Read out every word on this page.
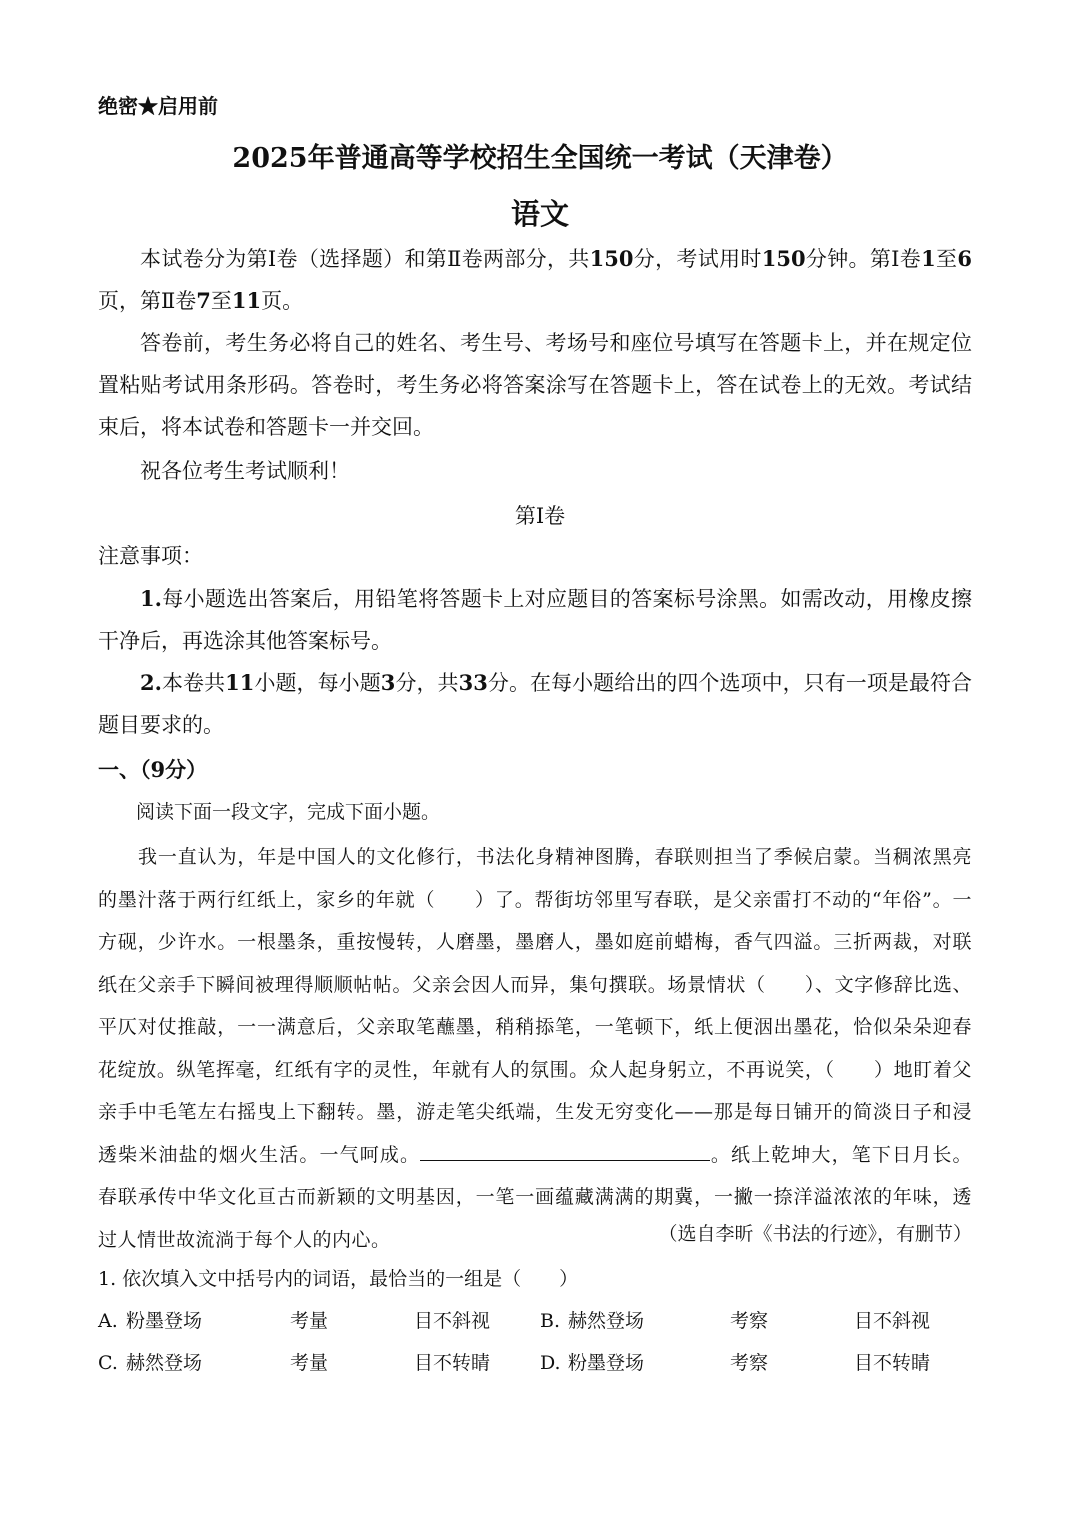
绝密★启用前
2025年普通高等学校招生全国统一考试（天津卷）
语文
本试卷分为第Ⅰ卷（选择题）和第Ⅱ卷两部分，共150分，考试用时150分钟。第Ⅰ卷1至6页，第Ⅱ卷7至11页。
答卷前，考生务必将自己的姓名、考生号、考场号和座位号填写在答题卡上，并在规定位置粘贴考试用条形码。答卷时，考生务必将答案涂写在答题卡上，答在试卷上的无效。考试结束后，将本试卷和答题卡一并交回。
祝各位考生考试顺利！
第Ⅰ卷
注意事项：
1.每小题选出答案后，用铅笔将答题卡上对应题目的答案标号涂黑。如需改动，用橡皮擦干净后，再选涂其他答案标号。
2.本卷共11小题，每小题3分，共33分。在每小题给出的四个选项中，只有一项是最符合题目要求的。
一、（9分）
阅读下面一段文字，完成下面小题。
我一直认为，年是中国人的文化修行，书法化身精神图腾，春联则担当了季候启蒙。当稠浓黑亮的墨汁落于两行红纸上，家乡的年就（　　）了。帮街坊邻里写春联，是父亲雷打不动的“年俗”。一方砚，少许水。一根墨条，重按慢转，人磨墨，墨磨人，墨如庭前蜡梅，香气四溢。三折两裁，对联纸在父亲手下瞬间被理得顺顺帖帖。父亲会因人而异，集句撰联。场景情状（　　）、文字修辞比选、平仄对仗推敲，一一满意后，父亲取笔蘸墨，稍稍掭笔，一笔顿下，纸上便洇出墨花，恰似朵朵迎春花绽放。纵笔挥毫，红纸有字的灵性，年就有人的氛围。众人起身躬立，不再说笑，（　　）地盯着父亲手中毛笔左右摇曳上下翻转。墨，游走笔尖纸端，生发无穷变化——那是每日铺开的简淡日子和浸透柴米油盐的烟火生活。一气呵成。	。纸上乾坤大，笔下日月长。春联承传中华文化亘古而新颖的文明基因，一笔一画蕴藏满满的期冀，一撇一捺洋溢浓浓的年味，透过人情世故流淌于每个人的内心。	（选自李昕《书法的行迹》，有删节）
1. 依次填入文中括号内的词语，最恰当的一组是（　　）
A. 粉墨登场	考量	目不斜视	B. 赫然登场	考察	目不斜视
C. 赫然登场	考量	目不转睛	D. 粉墨登场	考察	目不转睛
